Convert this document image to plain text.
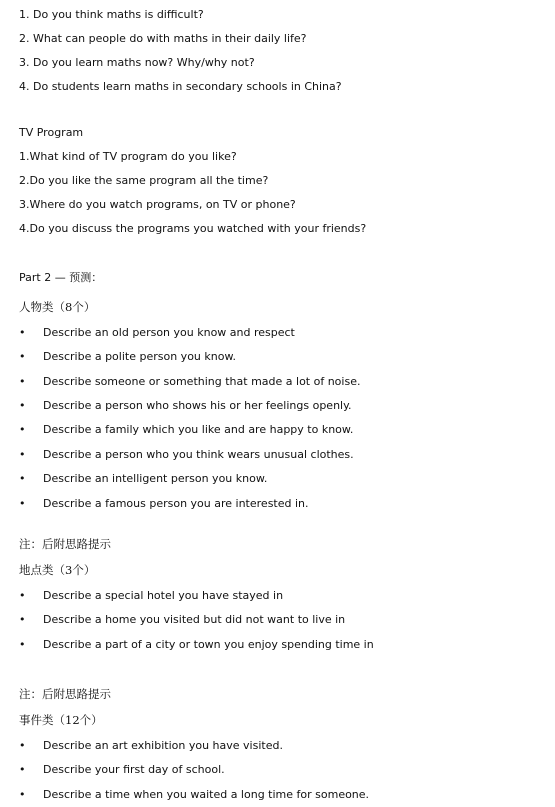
1. Do you think maths is difficult?
2. What can people do with maths in their daily life?
3. Do you learn maths now? Why/why not?
4. Do students learn maths in secondary schools in China?
TV Program
1.What kind of TV program do you like?
2.Do you like the same program all the time?
3.Where do you watch programs, on TV or phone?
4.Do you discuss the programs you watched with your friends?
Part 2 — 预测：
人物类（8个）
•	Describe an old person you know and respect
•	Describe a polite person you know.
•	Describe someone or something that made a lot of noise.
•	Describe a person who shows his or her feelings openly.
•	Describe a family which you like and are happy to know.
•	Describe a person who you think wears unusual clothes.
•	Describe an intelligent person you know.
•	Describe a famous person you are interested in.
注：后附思路提示
地点类（3个）
•	Describe a special hotel you have stayed in
•	Describe a home you visited but did not want to live in
•	Describe a part of a city or town you enjoy spending time in
注：后附思路提示
事件类（12个）
•	Describe an art exhibition you have visited.
•	Describe your first day of school.
•	Describe a time when you waited a long time for someone.
